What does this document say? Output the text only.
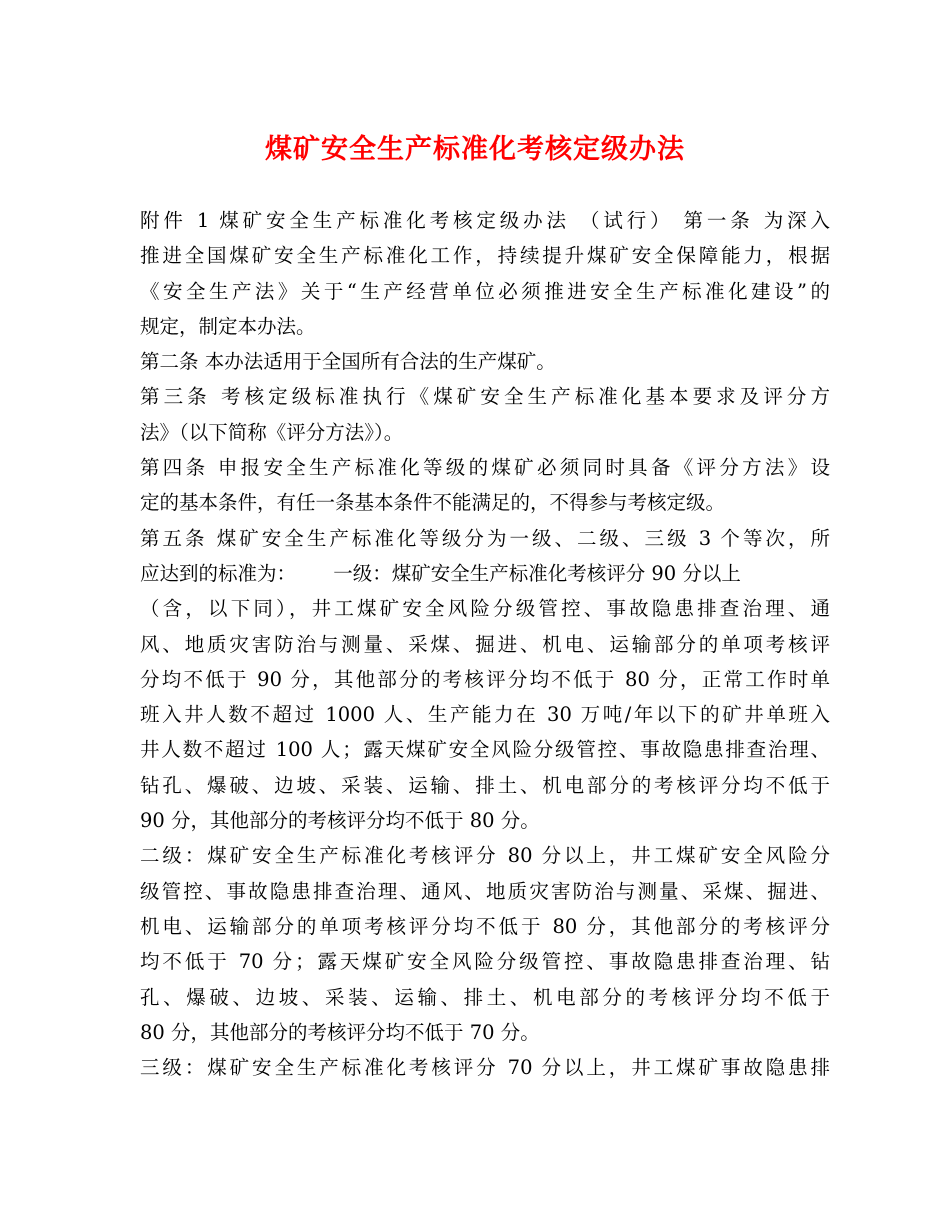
煤矿安全生产标准化考核定级办法
附件 1 煤矿安全生产标准化考核定级办法 （试行） 第一条 为深入
推进全国煤矿安全生产标准化工作，持续提升煤矿安全保障能力，根据
《安全生产法》关于“生产经营单位必须推进安全生产标准化建设”的
规定，制定本办法。
第二条 本办法适用于全国所有合法的生产煤矿。
第三条 考核定级标准执行《煤矿安全生产标准化基本要求及评分方
法》（以下简称《评分方法》）。
第四条 申报安全生产标准化等级的煤矿必须同时具备《评分方法》设
定的基本条件，有任一条基本条件不能满足的，不得参与考核定级。
第五条 煤矿安全生产标准化等级分为一级、二级、三级 3 个等次，所
应达到的标准为：      一级：煤矿安全生产标准化考核评分 90 分以上
（含，以下同），井工煤矿安全风险分级管控、事故隐患排查治理、通
风、地质灾害防治与测量、采煤、掘进、机电、运输部分的单项考核评
分均不低于 90 分，其他部分的考核评分均不低于 80 分，正常工作时单
班入井人数不超过 1000 人、生产能力在 30 万吨/年以下的矿井单班入
井人数不超过 100 人；露天煤矿安全风险分级管控、事故隐患排查治理、
钻孔、爆破、边坡、采装、运输、排土、机电部分的考核评分均不低于
90 分，其他部分的考核评分均不低于 80 分。
二级：煤矿安全生产标准化考核评分 80 分以上，井工煤矿安全风险分
级管控、事故隐患排查治理、通风、地质灾害防治与测量、采煤、掘进、
机电、运输部分的单项考核评分均不低于 80 分，其他部分的考核评分
均不低于 70 分；露天煤矿安全风险分级管控、事故隐患排查治理、钻
孔、爆破、边坡、采装、运输、排土、机电部分的考核评分均不低于
80 分，其他部分的考核评分均不低于 70 分。
三级：煤矿安全生产标准化考核评分 70 分以上，井工煤矿事故隐患排
